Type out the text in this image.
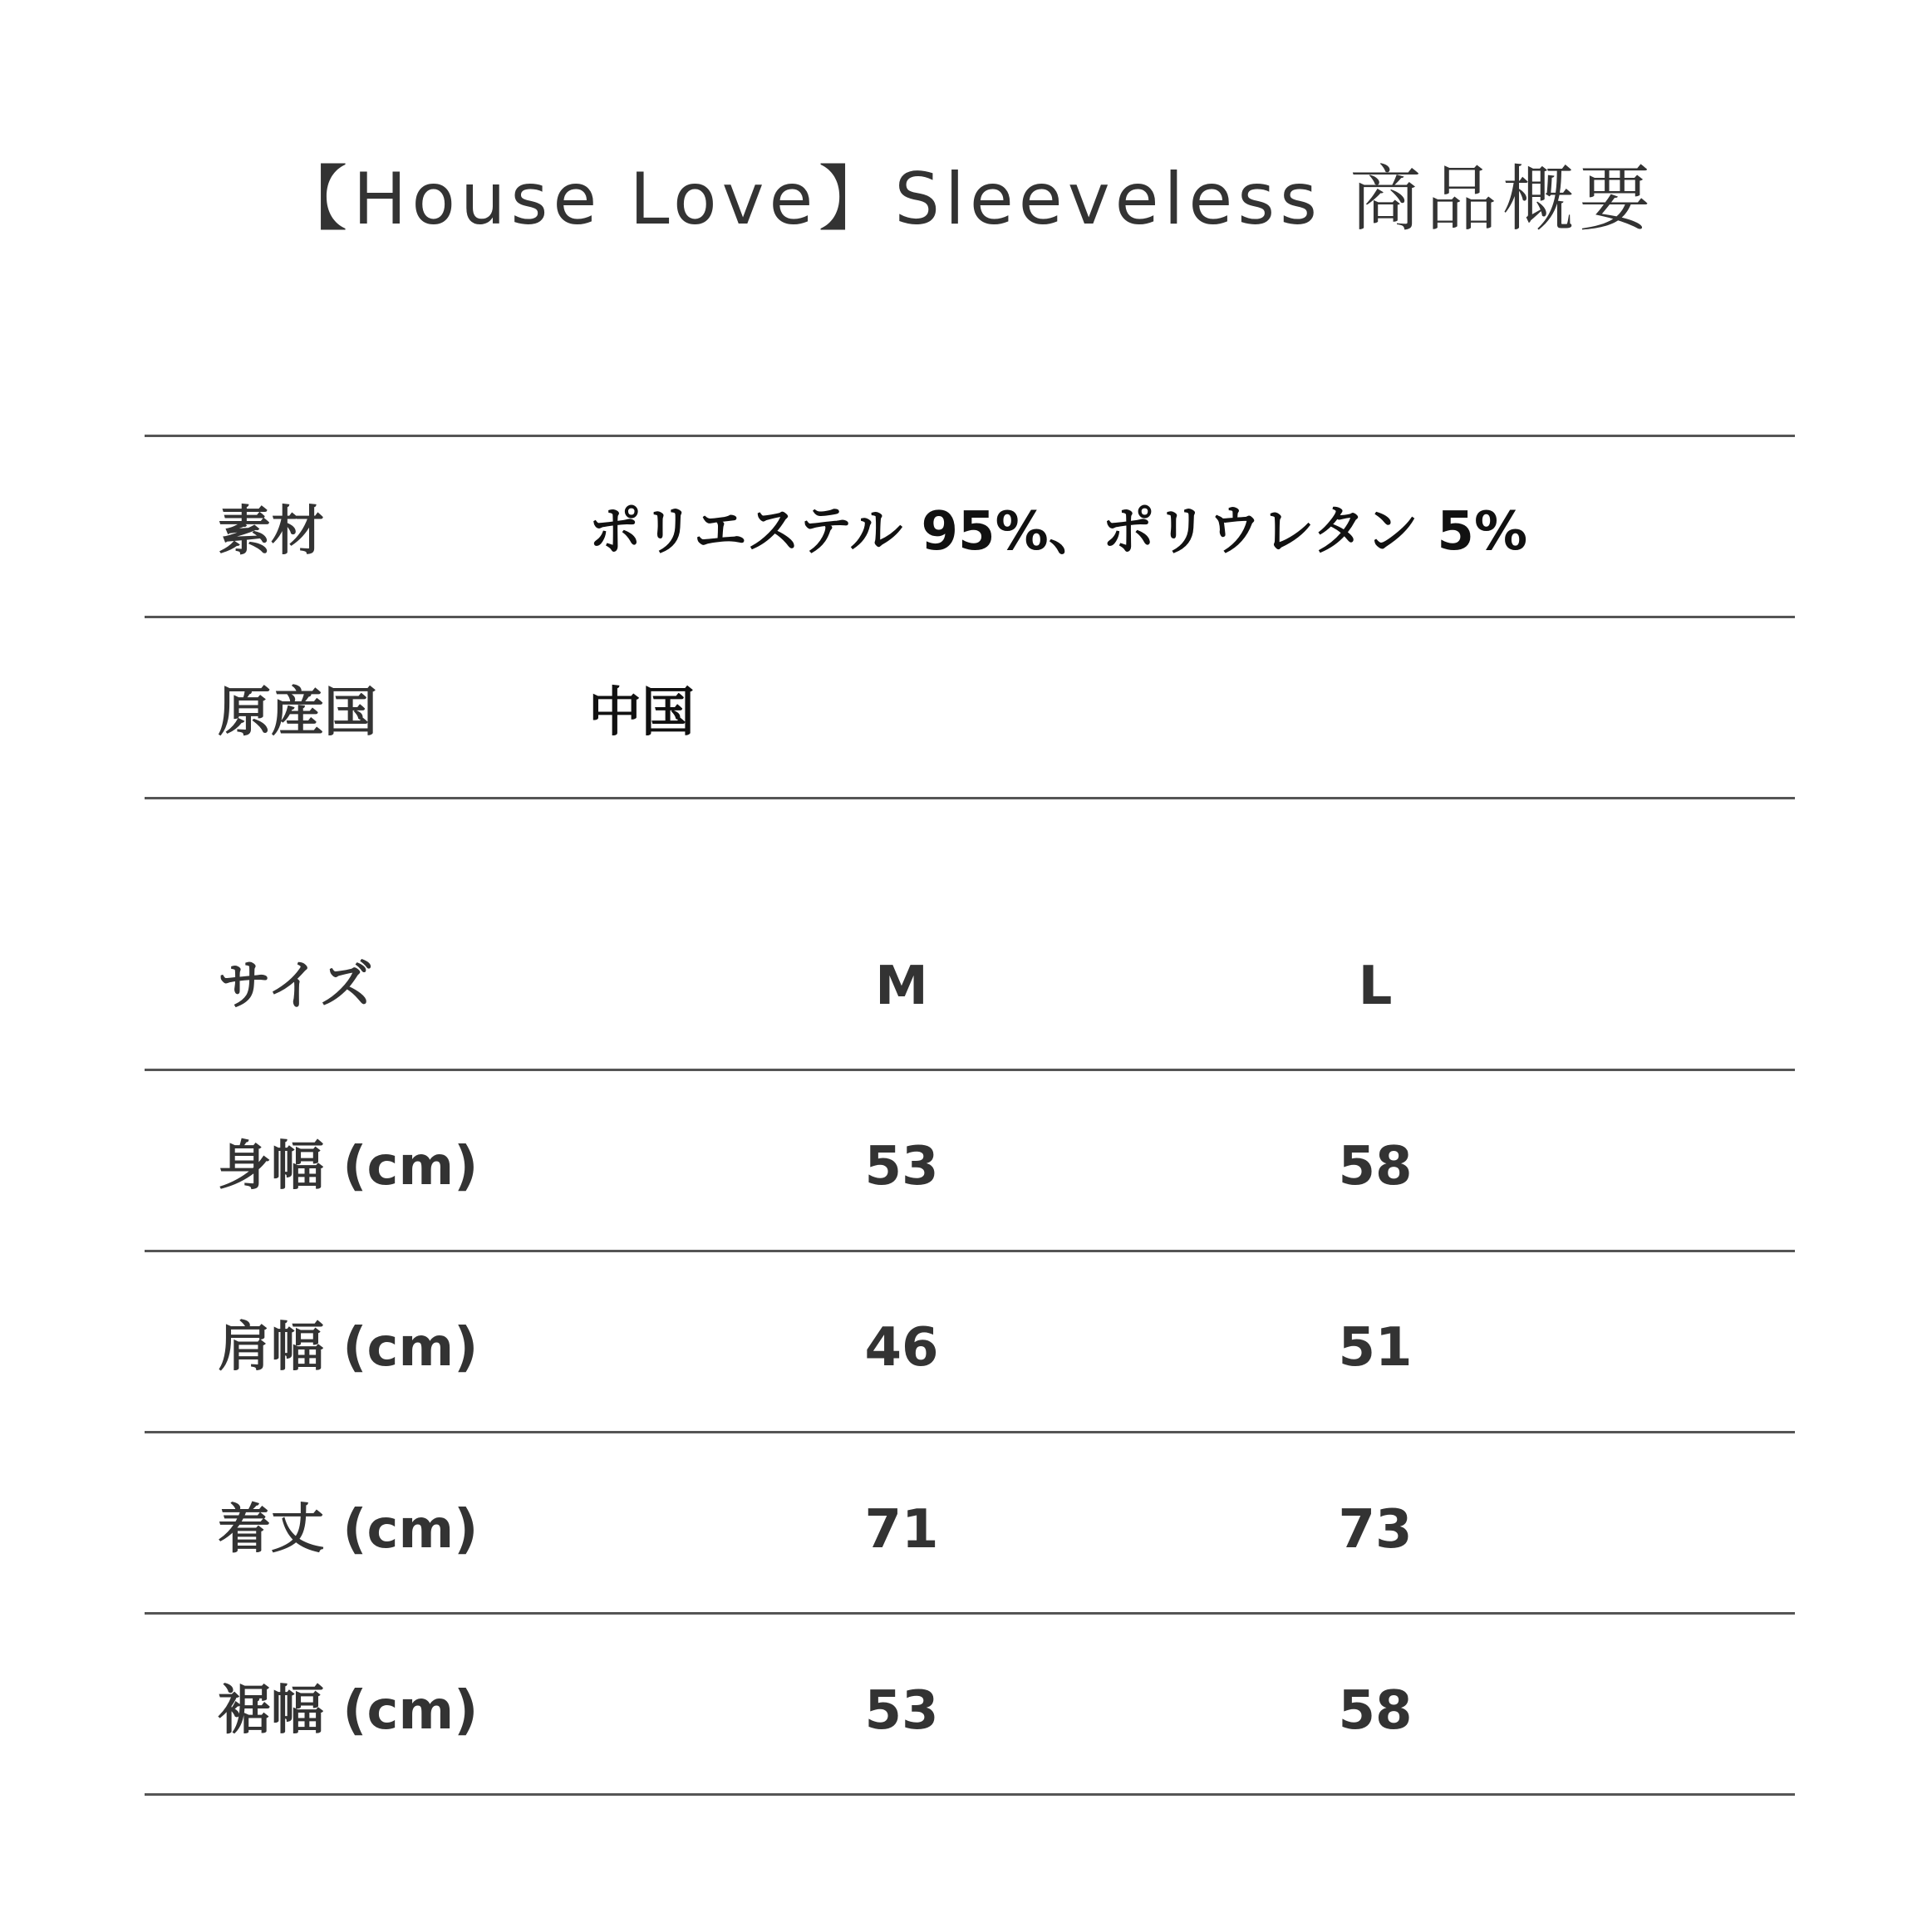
【House Love】Sleeveless 商品概要
素材	ポリエステル 95%、ポリウレタン 5%
原産国	中国
サイズ	M	L
身幅 (cm)	53	58
肩幅 (cm)	46	51
着丈 (cm)	71	73
裾幅 (cm)	53	58
